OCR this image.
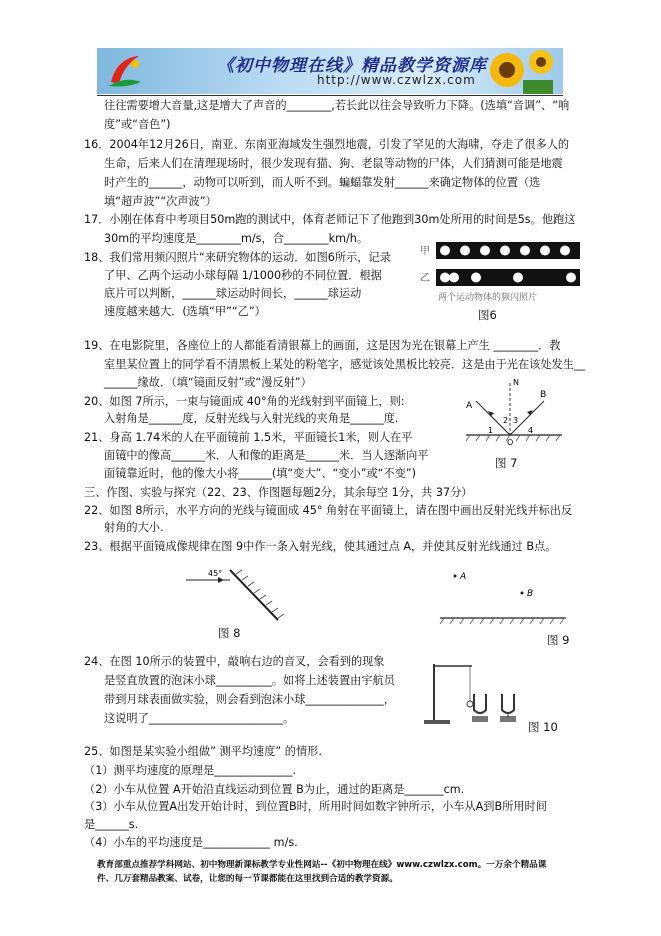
《初中物理在线》精品教学资源库
http://www.czwlzx.com
往往需要增大音量,这是增大了声音的________,若长此以往会导致听力下降。(选填“音调”、“响
度”或“音色”)
16．2004年12月26日，南亚、东南亚海域发生强烈地震，引发了罕见的大海啸，夺走了很多人的
生命，后来人们在清理现场时，很少发现有猫、狗、老鼠等动物的尸体，人们猜测可能是地震
时产生的______，动物可以听到，而人听不到。蝙蝠靠发射______来确定物体的位置（选
填“超声波”“次声波”）
17．小刚在体育中考项目50m跑的测试中，体育老师记下了他跑到30m处所用的时间是5s。他跑这
30m的平均速度是________m/s，合________km/h。
18、我们常用频闪照片“来研究物体的运动．如图6所示，记录
了甲、乙两个运动小球每隔 1/1000秒的不同位置．根据
底片可以判断，______球运动时间长，______球运动
速度越来越大．(选填“甲”“乙”）
甲
乙
两个运动物体的频闪照片
图6
19、在电影院里，各座位上的人都能看清银幕上的画面，这是因为光在银幕上产生 ________．教
室里某位置上的同学看不清黑板上某处的粉笔字，感觉该处黑板比较亮．这是由于光在该处发生__
______缘故．（填“镜面反射”或“漫反射”）
20、如图 7所示，一束与镜面成 40°角的光线射到平面镜上，则:
入射角是______度，反射光线与入射光线的夹角是______度.
21、身高 1.74米的人在平面镜前 1.5米，平面镜长1米，则人在平
面镜中的像高______米．人和像的距离是______米．当人逐渐向平
面镜靠近时，他的像大小将______(填“变大”、“变小”或“不变”)
A
B
N
O
1
2 3
4
图 7
三、作图、实验与探究（22、23、作图题每题2分，其余每空 1分，共 37分）
22、如图 8所示，水平方向的光线与镜面成 45° 角射在平面镜上，请在图中画出反射光线并标出反
射角的大小.
23、根据平面镜成像规律在图 9中作一条入射光线，使其通过点 A，并使其反射光线通过 B点。
45°
图 8
A
B
图 9
24、在图 10所示的装置中，敲响右边的音叉，会看到的现象
是竖直放置的泡沫小球__________。如将上述装置由宇航员
带到月球表面做实验，则会看到泡沫小球______________，
这说明了________________________。
图 10
25、如图是某实验小组做” 测平均速度” 的情形.
（1）测平均速度的原理是______________.
（2）小车从位置 A开始沿直线运动到位置 B为止，通过的距离是_______cm.
（3）小车从位置A出发开始计时，到位置B时，所用时间如数字钟所示，小车从A到B所用时间
是______s.
（4）小车的平均速度是____________ m/s.
教育部重点推荐学科网站、初中物理新课标教学专业性网站--《初中物理在线》www.czwlzx.com。一万余个精品课
件、几万套精品教案、试卷，让您的每一节课都能在这里找到合适的教学资源。
